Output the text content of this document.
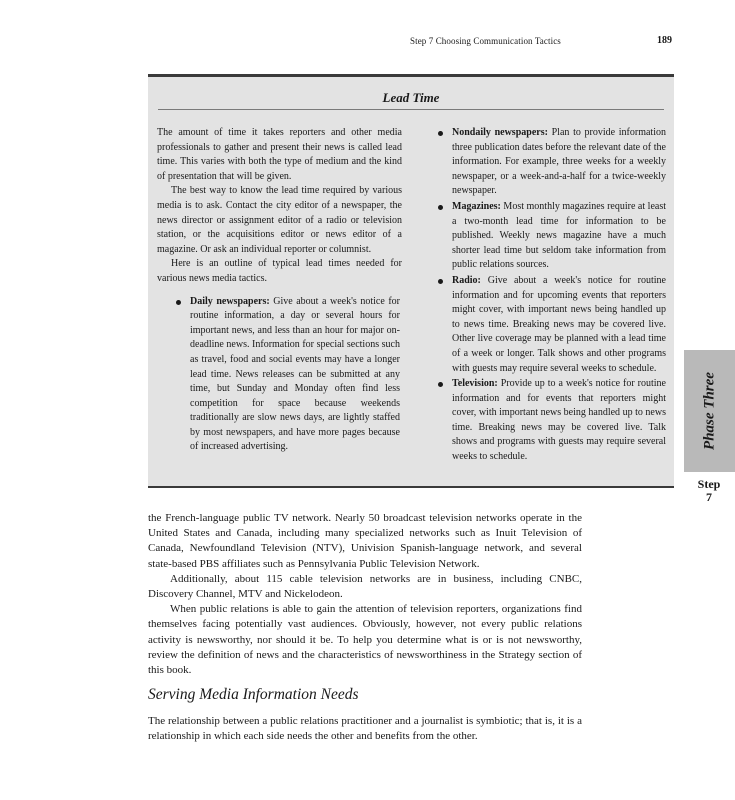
Step 7 Choosing Communication Tactics	189
Lead Time

The amount of time it takes reporters and other media professionals to gather and present their news is called lead time. This varies with both the type of medium and the kind of presentation that will be given.

The best way to know the lead time required by various media is to ask. Contact the city editor of a newspaper, the news director or assignment editor of a radio or television station, or the acquisitions editor or news editor of a magazine. Or ask an individual reporter or columnist.

Here is an outline of typical lead times needed for various news media tactics.

Daily newspapers: Give about a week's notice for routine information, a day or several hours for important news, and less than an hour for major on-deadline news. Information for special sections such as travel, food and social events may have a longer lead time. News releases can be submitted at any time, but Sunday and Monday often find less competition for space because weekends traditionally are slow news days, are lightly staffed by most newspapers, and have more pages because of increased advertising.
Nondaily newspapers: Plan to provide information three publication dates before the relevant date of the information. For example, three weeks for a weekly newspaper, or a week-and-a-half for a twice-weekly newspaper.
Magazines: Most monthly magazines require at least a two-month lead time for information to be published. Weekly news magazine have a much shorter lead time but seldom take information from public relations sources.
Radio: Give about a week's notice for routine information and for upcoming events that reporters might cover, with important news being handled up to news time. Breaking news may be covered live. Other live coverage may be planned with a lead time of a week or longer. Talk shows and other programs with guests may require several weeks to schedule.
Television: Provide up to a week's notice for routine information and for events that reporters might cover, with important news being handled up to news time. Breaking news may be covered live. Talk shows and programs with guests may require several weeks to schedule.
Phase Three
Step
7

the French-language public TV network. Nearly 50 broadcast television networks operate in the United States and Canada, including many specialized networks such as Inuit Television of Canada, Newfoundland Television (NTV), Univision Spanish-language network, and several state-based PBS affiliates such as Pennsylvania Public Television Network.

Additionally, about 115 cable television networks are in business, including CNBC, Discovery Channel, MTV and Nickelodeon.

When public relations is able to gain the attention of television reporters, organizations find themselves facing potentially vast audiences. Obviously, however, not every public relations activity is newsworthy, nor should it be. To help you determine what is or is not newsworthy, review the definition of news and the characteristics of newsworthiness in the Strategy section of this book.

Serving Media Information Needs

The relationship between a public relations practitioner and a journalist is symbiotic; that is, it is a relationship in which each side needs the other and benefits from the other.
